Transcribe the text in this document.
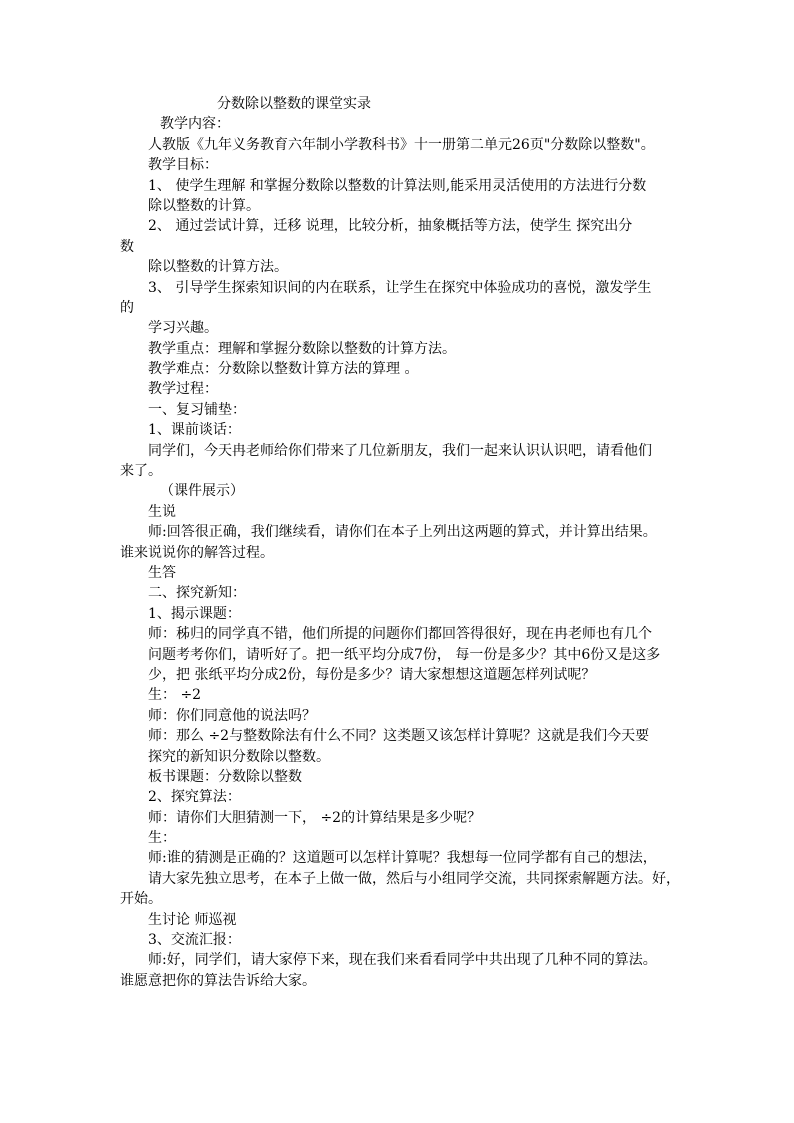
分数除以整数的课堂实录
教学内容：
人教版《九年义务教育六年制小学教科书》十一册第二单元26页"分数除以整数"。
教学目标：
1、 使学生理解 和掌握分数除以整数的计算法则,能采用灵活使用的方法进行分数
除以整数的计算。
2、 通过尝试计算，迁移 说理，比较分析，抽象概括等方法，使学生 探究出分
数
除以整数的计算方法。
3、 引导学生探索知识间的内在联系，让学生在探究中体验成功的喜悦，激发学生
的
学习兴趣。
教学重点：理解和掌握分数除以整数的计算方法。
教学难点：分数除以整数计算方法的算理 。
教学过程：
一、复习铺垫：
1、课前谈话：
同学们，今天冉老师给你们带来了几位新朋友，我们一起来认识认识吧，请看他们
来了。
（课件展示）
生说
师:回答很正确，我们继续看，请你们在本子上列出这两题的算式，并计算出结果。
谁来说说你的解答过程。
生答
二、探究新知：
1、揭示课题：
师：秭归的同学真不错，他们所提的问题你们都回答得很好，现在冉老师也有几个
问题考考你们，请听好了。把一纸平均分成7份， 每一份是多少？其中6份又是这多
少，把 张纸平均分成2份，每份是多少？请大家想想这道题怎样列试呢？
生： ÷2
师：你们同意他的说法吗？
师：那么 ÷2与整数除法有什么不同？这类题又该怎样计算呢？这就是我们今天要
探究的新知识分数除以整数。
板书课题：分数除以整数
2、探究算法：
师：请你们大胆猜测一下， ÷2的计算结果是多少呢？
生：
师:谁的猜测是正确的？这道题可以怎样计算呢？我想每一位同学都有自己的想法，
请大家先独立思考，在本子上做一做，然后与小组同学交流，共同探索解题方法。好，
开始。
生讨论 师巡视
3、交流汇报：
师:好，同学们，请大家停下来，现在我们来看看同学中共出现了几种不同的算法。
谁愿意把你的算法告诉给大家。
